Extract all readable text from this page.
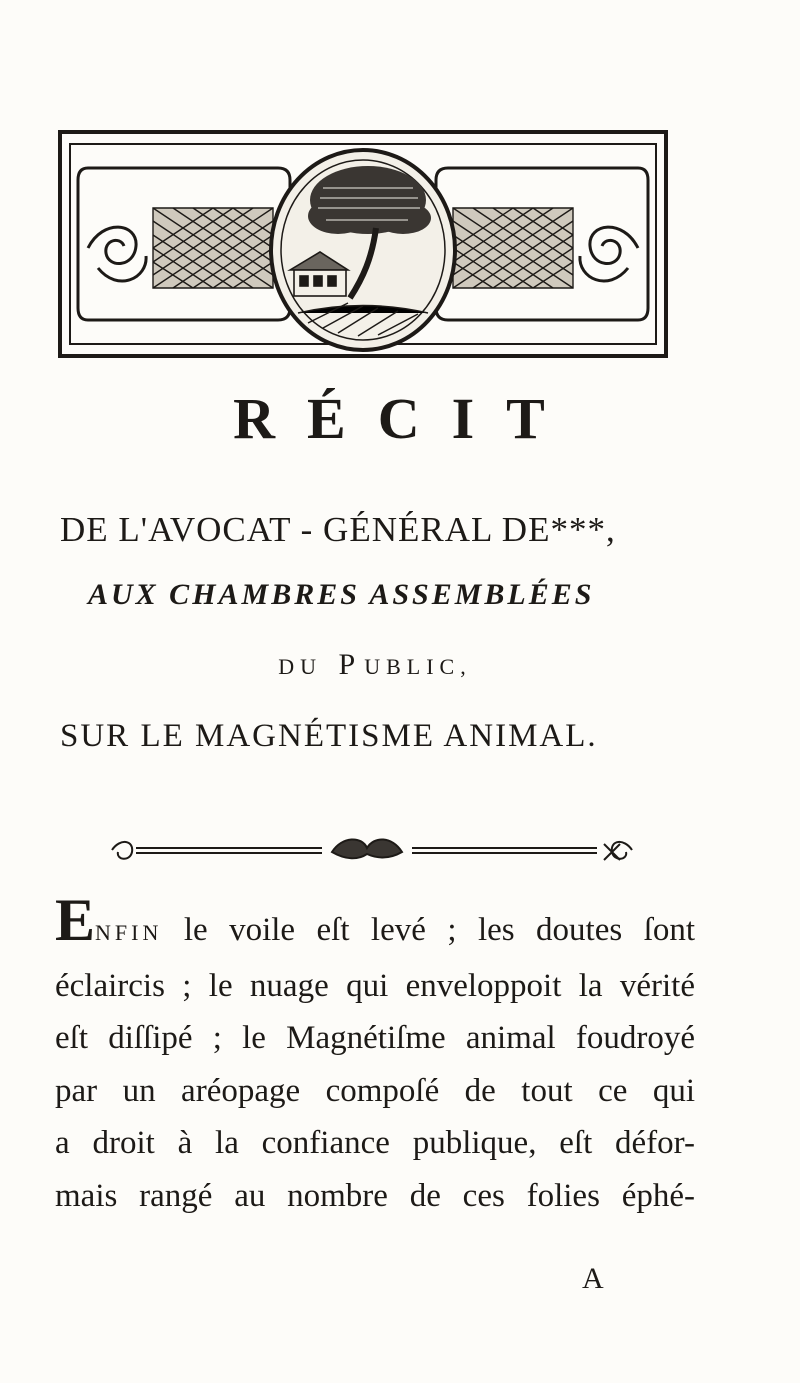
RÉCIT
DE L'AVOCAT - GÉNÉRAL DE***,
AUX CHAMBRES ASSEMBLÉES
DU PUBLIC,
SUR LE MAGNÉTISME ANIMAL.
ENFIN le voile eſt levé ; les doutes ſont
éclaircis ; le nuage qui enveloppoit la vérité
eſt diſſipé ; le Magnétiſme animal foudroyé
par un aréopage compoſé de tout ce qui
a droit à la confiance publique, eſt défor-
mais rangé au nombre de ces folies éphé-
A
